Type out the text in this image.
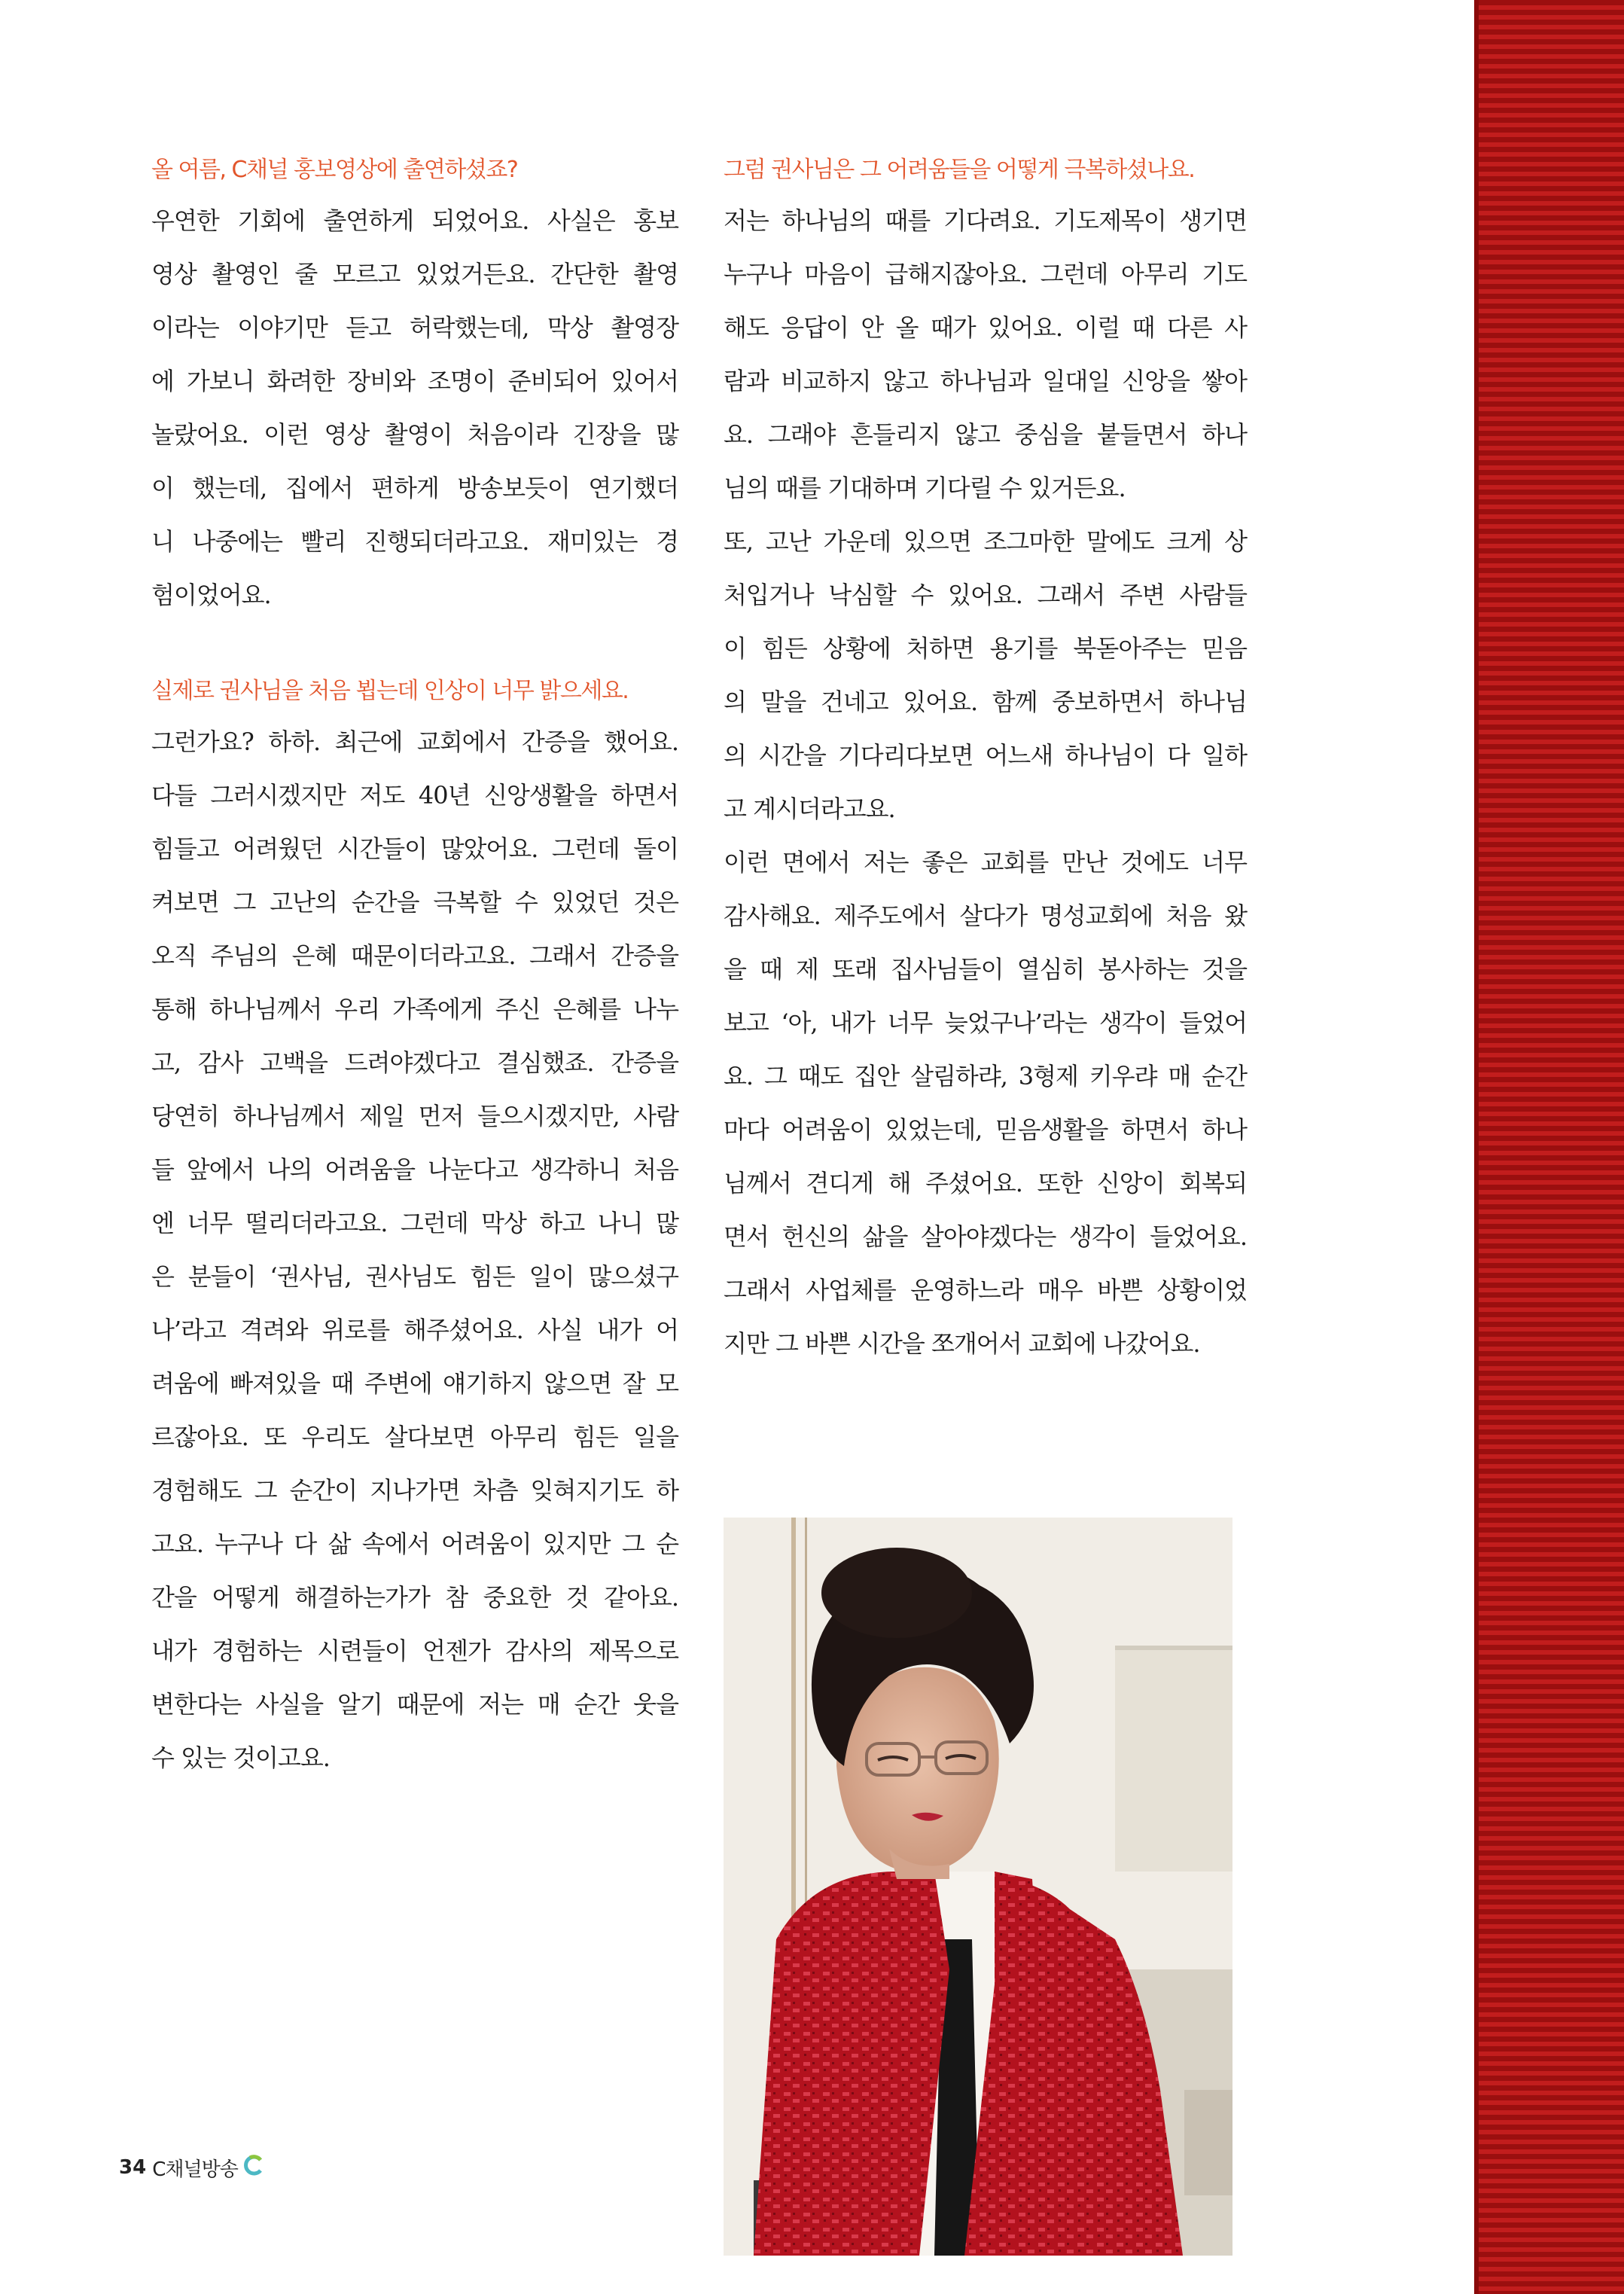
올 여름, C채널 홍보영상에 출연하셨죠?
우연한 기회에 출연하게 되었어요. 사실은 홍보
영상 촬영인 줄 모르고 있었거든요. 간단한 촬영
이라는 이야기만 듣고 허락했는데, 막상 촬영장
에 가보니 화려한 장비와 조명이 준비되어 있어서
놀랐어요. 이런 영상 촬영이 처음이라 긴장을 많
이 했는데, 집에서 편하게 방송보듯이 연기했더
니 나중에는 빨리 진행되더라고요. 재미있는 경
험이었어요.
실제로 권사님을 처음 뵙는데 인상이 너무 밝으세요.
그런가요? 하하. 최근에 교회에서 간증을 했어요.
다들 그러시겠지만 저도 40년 신앙생활을 하면서
힘들고 어려웠던 시간들이 많았어요. 그런데 돌이
켜보면 그 고난의 순간을 극복할 수 있었던 것은
오직 주님의 은혜 때문이더라고요. 그래서 간증을
통해 하나님께서 우리 가족에게 주신 은혜를 나누
고, 감사 고백을 드려야겠다고 결심했죠. 간증을
당연히 하나님께서 제일 먼저 들으시겠지만, 사람
들 앞에서 나의 어려움을 나눈다고 생각하니 처음
엔 너무 떨리더라고요. 그런데 막상 하고 나니 많
은 분들이 ‘권사님, 권사님도 힘든 일이 많으셨구
나’라고 격려와 위로를 해주셨어요. 사실 내가 어
려움에 빠져있을 때 주변에 얘기하지 않으면 잘 모
르잖아요. 또 우리도 살다보면 아무리 힘든 일을
경험해도 그 순간이 지나가면 차츰 잊혀지기도 하
고요. 누구나 다 삶 속에서 어려움이 있지만 그 순
간을 어떻게 해결하는가가 참 중요한 것 같아요.
내가 경험하는 시련들이 언젠가 감사의 제목으로
변한다는 사실을 알기 때문에 저는 매 순간 웃을
수 있는 것이고요.
그럼 권사님은 그 어려움들을 어떻게 극복하셨나요.
저는 하나님의 때를 기다려요. 기도제목이 생기면
누구나 마음이 급해지잖아요. 그런데 아무리 기도
해도 응답이 안 올 때가 있어요. 이럴 때 다른 사
람과 비교하지 않고 하나님과 일대일 신앙을 쌓아
요. 그래야 흔들리지 않고 중심을 붙들면서 하나
님의 때를 기대하며 기다릴 수 있거든요.
또, 고난 가운데 있으면 조그마한 말에도 크게 상
처입거나 낙심할 수 있어요. 그래서 주변 사람들
이 힘든 상황에 처하면 용기를 북돋아주는 믿음
의 말을 건네고 있어요. 함께 중보하면서 하나님
의 시간을 기다리다보면 어느새 하나님이 다 일하
고 계시더라고요.
이런 면에서 저는 좋은 교회를 만난 것에도 너무
감사해요. 제주도에서 살다가 명성교회에 처음 왔
을 때 제 또래 집사님들이 열심히 봉사하는 것을
보고 ‘아, 내가 너무 늦었구나’라는 생각이 들었어
요. 그 때도 집안 살림하랴, 3형제 키우랴 매 순간
마다 어려움이 있었는데, 믿음생활을 하면서 하나
님께서 견디게 해 주셨어요. 또한 신앙이 회복되
면서 헌신의 삶을 살아야겠다는 생각이 들었어요.
그래서 사업체를 운영하느라 매우 바쁜 상황이었
지만 그 바쁜 시간을 쪼개어서 교회에 나갔어요.
34 C채널방송
